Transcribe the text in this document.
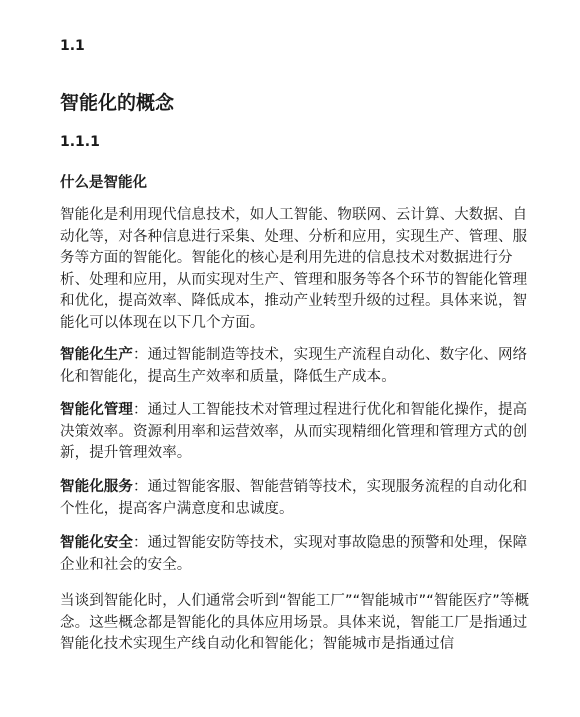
1.1
智能化的概念
1.1.1
什么是智能化

智能化是利用现代信息技术，如人工智能、物联网、云计算、大数据、自动化等，对各种信息进行采集、处理、分析和应用，实现生产、管理、服务等方面的智能化。智能化的核心是利用先进的信息技术对数据进行分析、处理和应用，从而实现对生产、管理和服务等各个环节的智能化管理和优化，提高效率、降低成本，推动产业转型升级的过程。具体来说，智能化可以体现在以下几个方面。

智能化生产：通过智能制造等技术，实现生产流程自动化、数字化、网络化和智能化，提高生产效率和质量，降低生产成本。

智能化管理：通过人工智能技术对管理过程进行优化和智能化操作，提高决策效率。资源利用率和运营效率，从而实现精细化管理和管理方式的创新，提升管理效率。

智能化服务：通过智能客服、智能营销等技术，实现服务流程的自动化和个性化，提高客户满意度和忠诚度。

智能化安全：通过智能安防等技术，实现对事故隐患的预警和处理，保障企业和社会的安全。

当谈到智能化时，人们通常会听到“智能工厂”“智能城市”“智能医疗”等概念。这些概念都是智能化的具体应用场景。具体来说，智能工厂是指通过智能化技术实现生产线自动化和智能化；智能城市是指通过信
